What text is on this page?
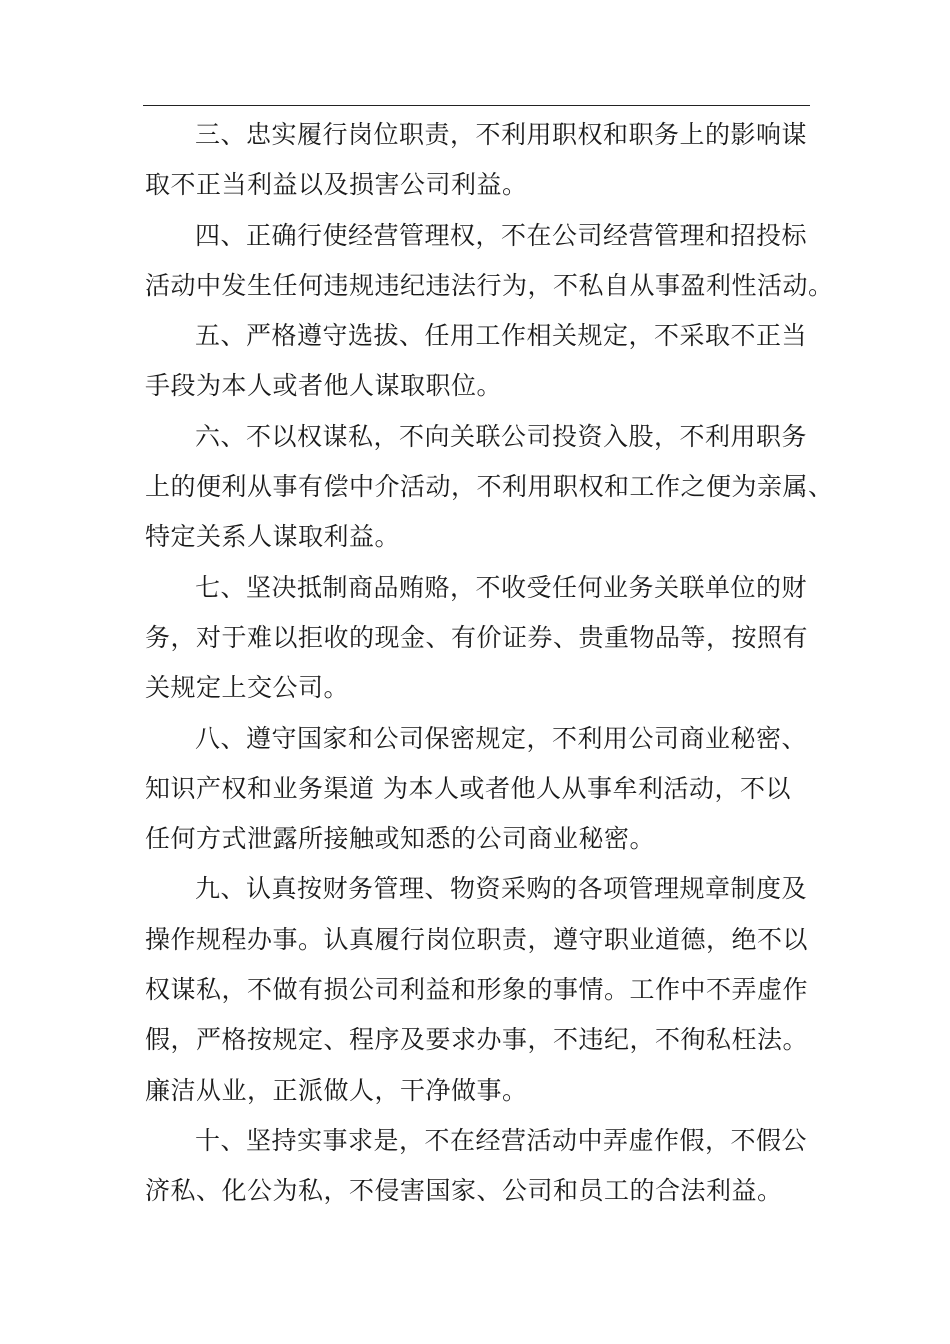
三、忠实履行岗位职责，不利用职权和职务上的影响谋
取不正当利益以及损害公司利益。
四、正确行使经营管理权，不在公司经营管理和招投标
活动中发生任何违规违纪违法行为，不私自从事盈利性活动。
五、严格遵守选拔、任用工作相关规定，不采取不正当
手段为本人或者他人谋取职位。
六、不以权谋私，不向关联公司投资入股，不利用职务
上的便利从事有偿中介活动，不利用职权和工作之便为亲属、
特定关系人谋取利益。
七、坚决抵制商品贿赂，不收受任何业务关联单位的财
务，对于难以拒收的现金、有价证券、贵重物品等，按照有
关规定上交公司。
八、遵守国家和公司保密规定，不利用公司商业秘密、
知识产权和业务渠道 为本人或者他人从事牟利活动，不以
任何方式泄露所接触或知悉的公司商业秘密。
九、认真按财务管理、物资采购的各项管理规章制度及
操作规程办事。认真履行岗位职责，遵守职业道德，绝不以
权谋私，不做有损公司利益和形象的事情。工作中不弄虚作
假，严格按规定、程序及要求办事，不违纪，不徇私枉法。
廉洁从业，正派做人，干净做事。
十、坚持实事求是，不在经营活动中弄虚作假，不假公
济私、化公为私，不侵害国家、公司和员工的合法利益。
